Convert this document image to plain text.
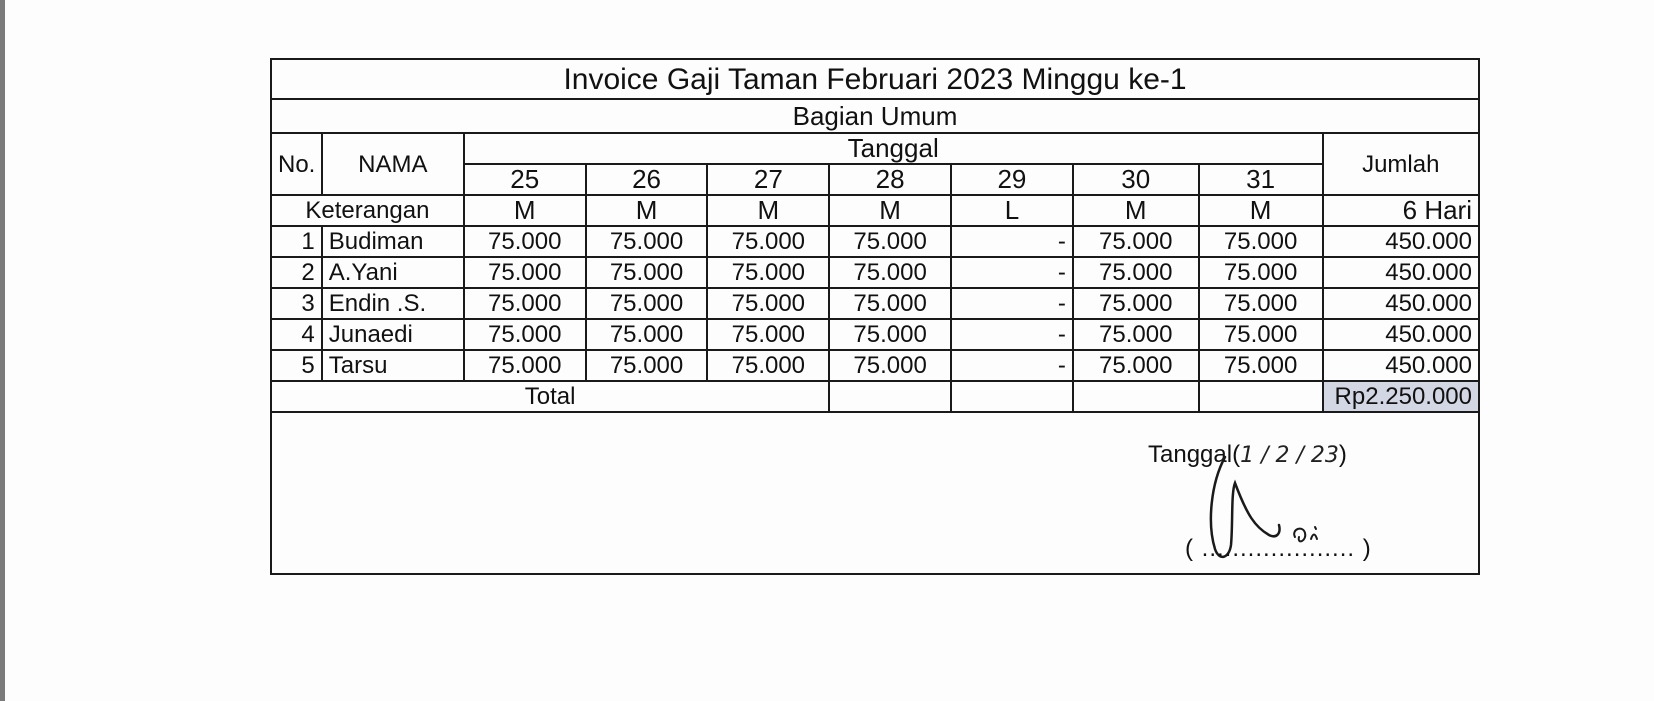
Invoice Gaji Taman Februari 2023 Minggu ke-1									
Bagian Umum									
No.	NAMA	Tanggal							Jumlah
		25	26	27	28	29	30	31	
Keterangan		M	M	M	M	L	M	M	6 Hari
1	Budiman	75.000	75.000	75.000	75.000	-	75.000	75.000	450.000
2	A.Yani	75.000	75.000	75.000	75.000	-	75.000	75.000	450.000
3	Endin .S.	75.000	75.000	75.000	75.000	-	75.000	75.000	450.000
4	Junaedi	75.000	75.000	75.000	75.000	-	75.000	75.000	450.000
5	Tarsu	75.000	75.000	75.000	75.000	-	75.000	75.000	450.000
Total									Rp2.250.000
Tanggal(1 / 2 / 23)
( .................... )
